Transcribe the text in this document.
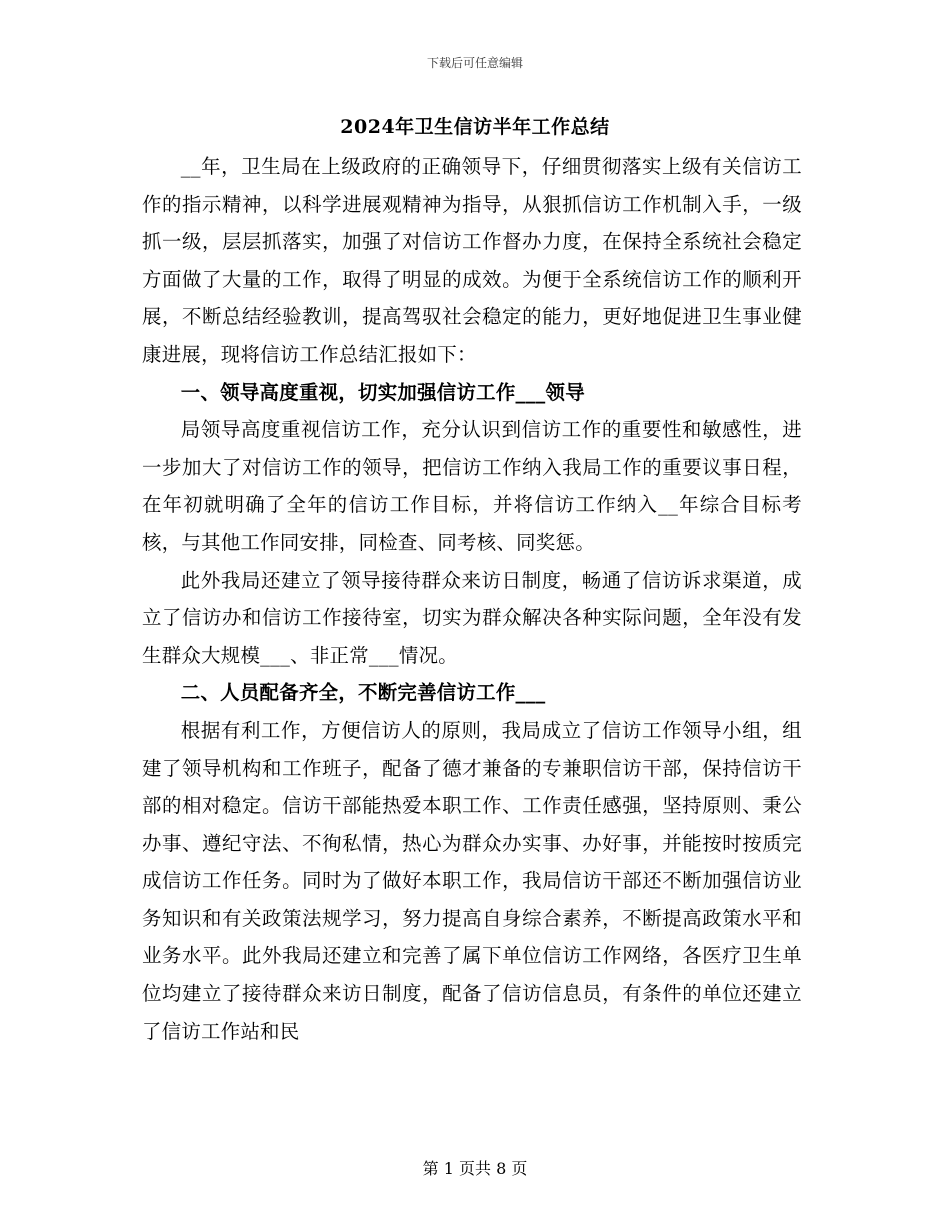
下载后可任意编辑
2024年卫生信访半年工作总结

__年，卫生局在上级政府的正确领导下，仔细贯彻落实上级有关信访工作的指示精神，以科学进展观精神为指导，从狠抓信访工作机制入手，一级抓一级，层层抓落实，加强了对信访工作督办力度，在保持全系统社会稳定方面做了大量的工作，取得了明显的成效。为便于全系统信访工作的顺利开展，不断总结经验教训，提高驾驭社会稳定的能力，更好地促进卫生事业健康进展，现将信访工作总结汇报如下：

一、领导高度重视，切实加强信访工作___领导

局领导高度重视信访工作，充分认识到信访工作的重要性和敏感性，进一步加大了对信访工作的领导，把信访工作纳入我局工作的重要议事日程，在年初就明确了全年的信访工作目标，并将信访工作纳入__年综合目标考核，与其他工作同安排，同检查、同考核、同奖惩。

此外我局还建立了领导接待群众来访日制度，畅通了信访诉求渠道，成立了信访办和信访工作接待室，切实为群众解决各种实际问题，全年没有发生群众大规模___、非正常___情况。

二、人员配备齐全，不断完善信访工作___

根据有利工作，方便信访人的原则，我局成立了信访工作领导小组，组建了领导机构和工作班子，配备了德才兼备的专兼职信访干部，保持信访干部的相对稳定。信访干部能热爱本职工作、工作责任感强，坚持原则、秉公办事、遵纪守法、不徇私情，热心为群众办实事、办好事，并能按时按质完成信访工作任务。同时为了做好本职工作，我局信访干部还不断加强信访业务知识和有关政策法规学习，努力提高自身综合素养，不断提高政策水平和业务水平。此外我局还建立和完善了属下单位信访工作网络，各医疗卫生单位均建立了接待群众来访日制度，配备了信访信息员，有条件的单位还建立了信访工作站和民

第 1 页共 8 页
